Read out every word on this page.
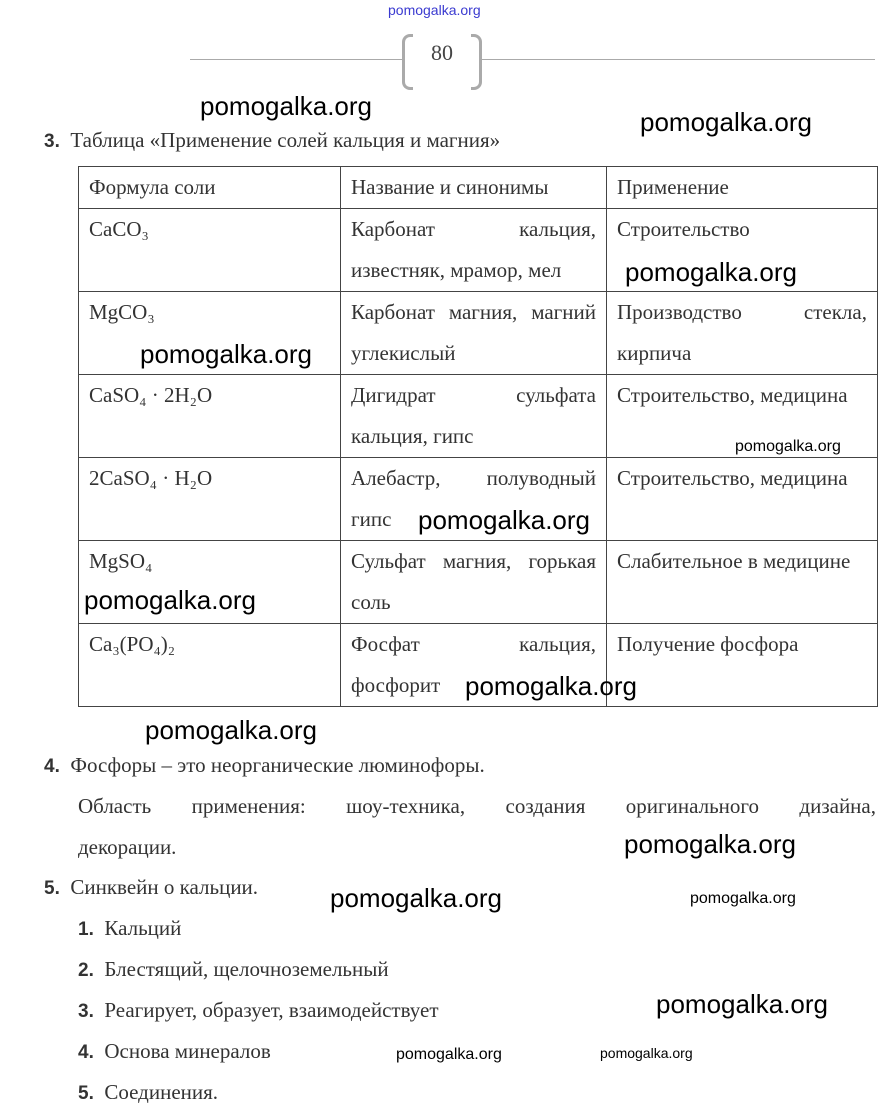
pomogalka.org
80
3. Таблица «Применение солей кальция и магния»
Формула соли	Название и синонимы	Применение
CaCO₃	Карбонат кальция, известняк, мрамор, мел	Строительство
MgCO₃	Карбонат магния, магний углекислый	Производство стекла, кирпича
CaSO₄ · 2H₂O	Дигидрат сульфата кальция, гипс	Строительство, медицина
2CaSO₄ · H₂O	Алебастр, полуводный гипс	Строительство, медицина
MgSO₄	Сульфат магния, горькая соль	Слабительное в медицине
Ca₃(PO₄)₂	Фосфат кальция, фосфорит	Получение фосфора
4. Фосфоры – это неорганические люминофоры.
Область применения: шоу-техника, создания оригинального дизайна,
декорации.
5. Синквейн о кальции.
1. Кальций
2. Блестящий, щелочноземельный
3. Реагирует, образует, взаимодействует
4. Основа минералов
5. Соединения.
pomogalka.org
pomogalka.org
pomogalka.org
pomogalka.org
pomogalka.org
pomogalka.org
pomogalka.org
pomogalka.org
pomogalka.org
pomogalka.org
pomogalka.org
pomogalka.org
pomogalka.org
pomogalka.org
pomogalka.org
